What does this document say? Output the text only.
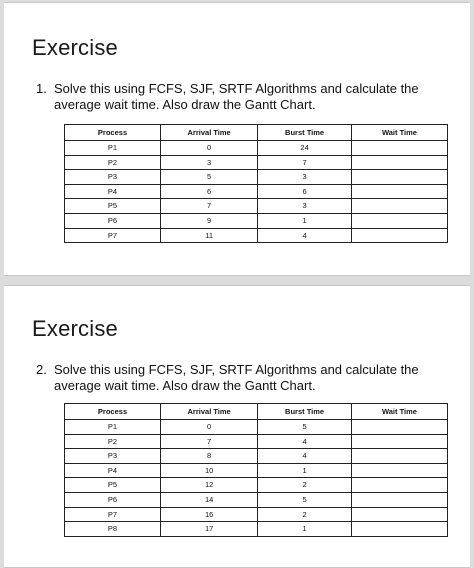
Exercise
1. Solve this using FCFS, SJF, SRTF Algorithms and calculate the average wait time. Also draw the Gantt Chart.
Process	Arrival Time	Burst Time	Wait Time
P1	0	24	
P2	3	7	
P3	5	3	
P4	6	6	
P5	7	3	
P6	9	1	
P7	11	4	
Exercise
2. Solve this using FCFS, SJF, SRTF Algorithms and calculate the average wait time. Also draw the Gantt Chart.
Process	Arrival Time	Burst Time	Wait Time
P1	0	5	
P2	7	4	
P3	8	4	
P4	10	1	
P5	12	2	
P6	14	5	
P7	16	2	
P8	17	1	
